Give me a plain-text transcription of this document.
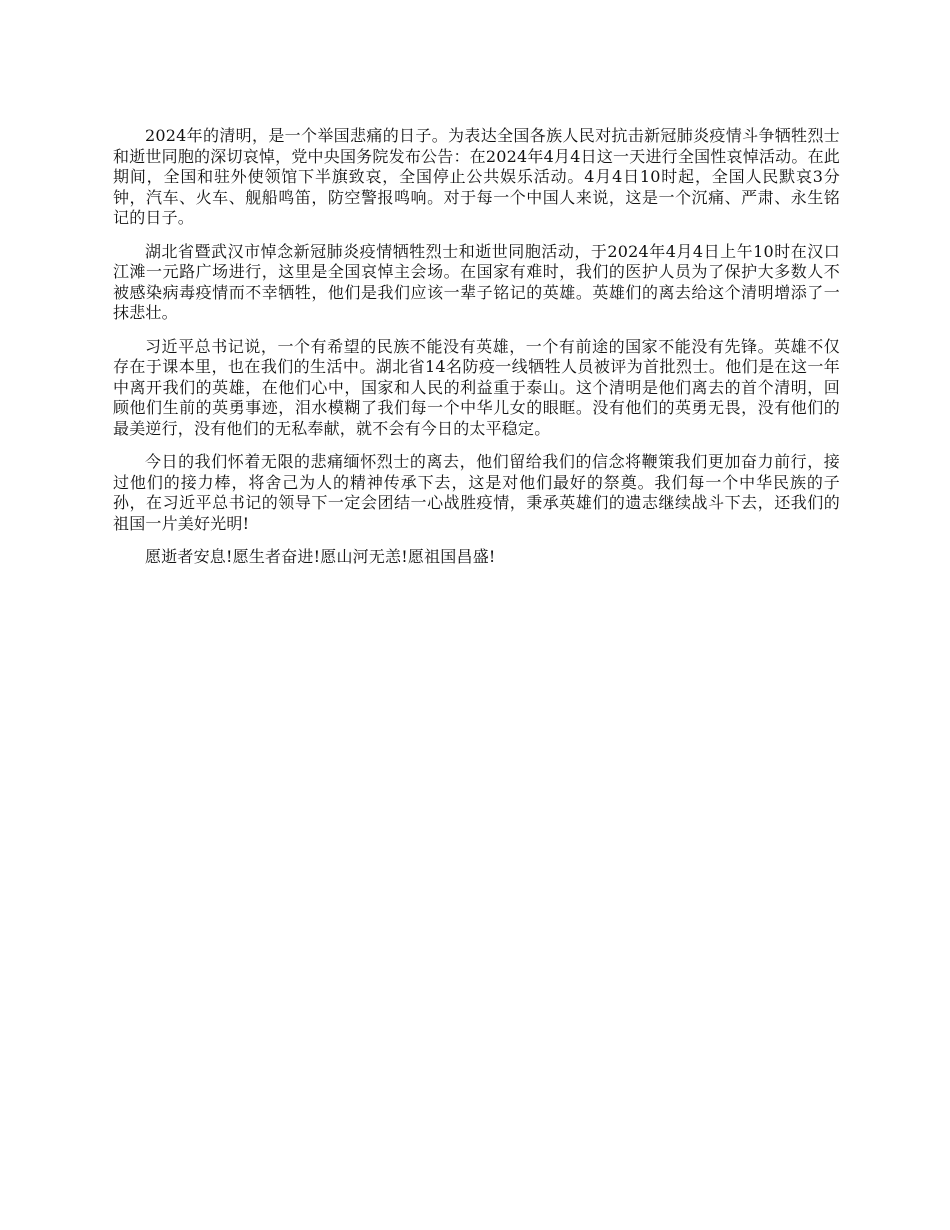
2024年的清明，是一个举国悲痛的日子。为表达全国各族人民对抗击新冠肺炎疫情斗争牺牲烈士和逝世同胞的深切哀悼，党中央国务院发布公告：在2024年4月4日这一天进行全国性哀悼活动。在此期间，全国和驻外使领馆下半旗致哀，全国停止公共娱乐活动。4月4日10时起，全国人民默哀3分钟，汽车、火车、舰船鸣笛，防空警报鸣响。对于每一个中国人来说，这是一个沉痛、严肃、永生铭记的日子。

湖北省暨武汉市悼念新冠肺炎疫情牺牲烈士和逝世同胞活动，于2024年4月4日上午10时在汉口江滩一元路广场进行，这里是全国哀悼主会场。在国家有难时，我们的医护人员为了保护大多数人不被感染病毒疫情而不幸牺牲，他们是我们应该一辈子铭记的英雄。英雄们的离去给这个清明增添了一抹悲壮。

习近平总书记说，一个有希望的民族不能没有英雄，一个有前途的国家不能没有先锋。英雄不仅存在于课本里，也在我们的生活中。湖北省14名防疫一线牺牲人员被评为首批烈士。他们是在这一年中离开我们的英雄，在他们心中，国家和人民的利益重于泰山。这个清明是他们离去的首个清明，回顾他们生前的英勇事迹，泪水模糊了我们每一个中华儿女的眼眶。没有他们的英勇无畏，没有他们的最美逆行，没有他们的无私奉献，就不会有今日的太平稳定。

今日的我们怀着无限的悲痛缅怀烈士的离去，他们留给我们的信念将鞭策我们更加奋力前行，接过他们的接力棒，将舍己为人的精神传承下去，这是对他们最好的祭奠。我们每一个中华民族的子孙，在习近平总书记的领导下一定会团结一心战胜疫情，秉承英雄们的遗志继续战斗下去，还我们的祖国一片美好光明!

愿逝者安息!愿生者奋进!愿山河无恙!愿祖国昌盛!
